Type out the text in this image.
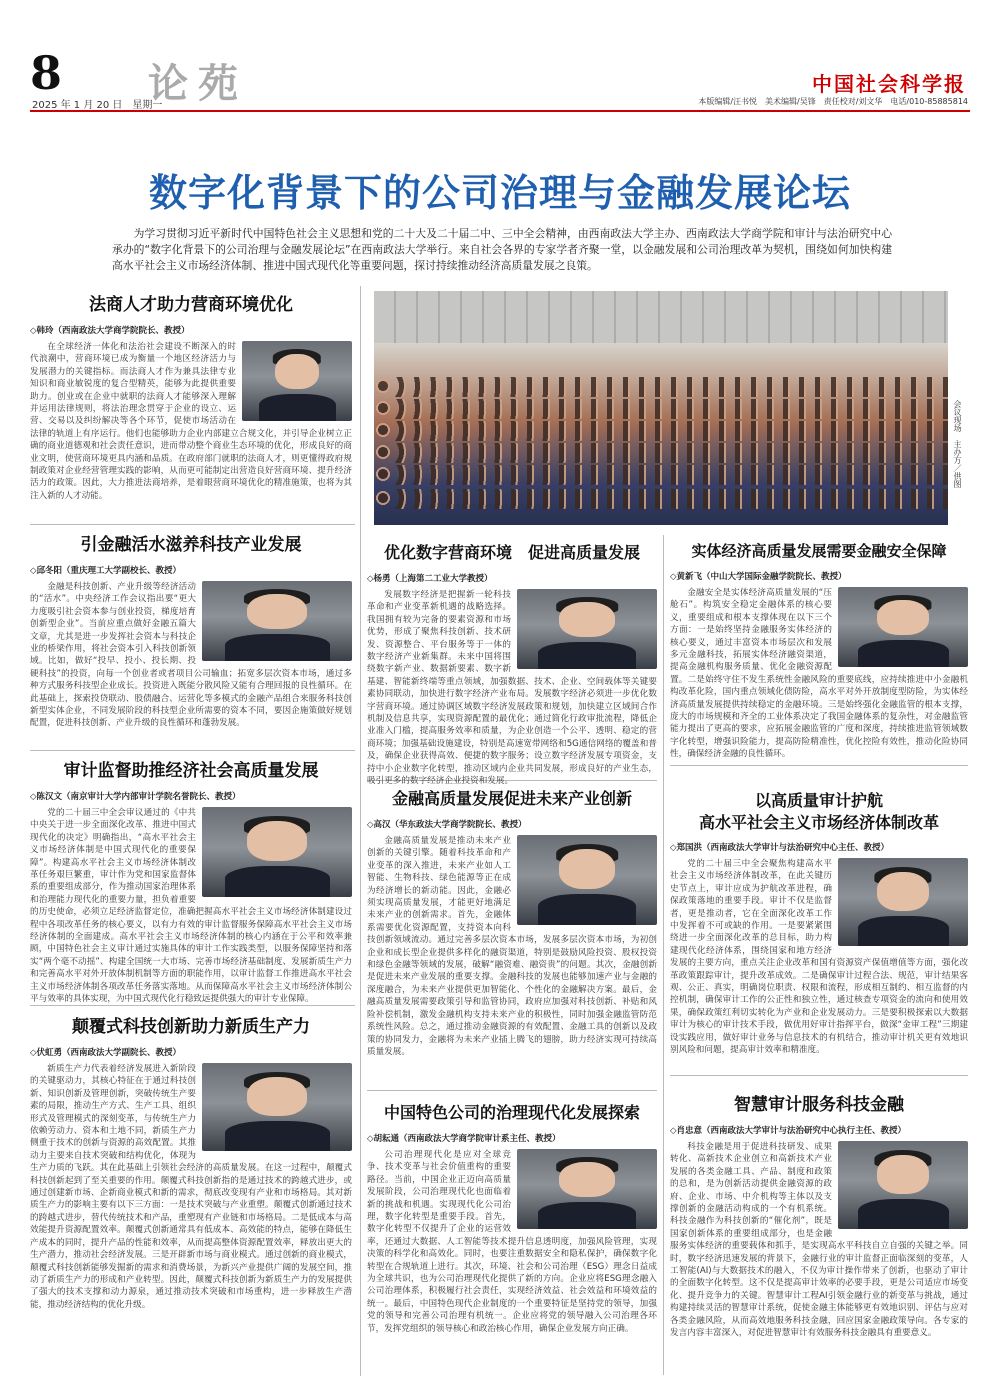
8
2025 年 1 月 20 日　星期一
论苑	中国社会科学报
本版编辑/汪书悦　美术编辑/吴锋　责任校对/刘文华　电话/010-85885814
数字化背景下的公司治理与金融发展论坛

为学习贯彻习近平新时代中国特色社会主义思想和党的二十大及二十届二中、三中全会精神，由西南政法大学主办、西南政法大学商学院和审计与法治研究中心承办的“数字化背景下的公司治理与金融发展论坛”在西南政法大学举行。来自社会各界的专家学者齐聚一堂，以金融发展和公司治理改革为契机，围绕如何加快构建高水平社会主义市场经济体制、推进中国式现代化等重要问题，探讨持续推动经济高质量发展之良策。

会议现场　主办方／供图
法商人才助力营商环境优化
◇韩玲（西南政法大学商学院院长、教授）

在全球经济一体化和法治社会建设不断深入的时代浪潮中，营商环境已成为衡量一个地区经济活力与发展潜力的关键指标。而法商人才作为兼具法律专业知识和商业敏锐度的复合型精英，能够为此提供重要助力。创业或在企业中就职的法商人才能够深入理解并运用法律规则，将法治理念贯穿于企业的设立、运营、交易以及纠纷解决等各个环节，促使市场活动在法律的轨道上有序运行。他们也能够助力企业内部建立合规文化，并引导企业树立正确的商业道德观和社会责任意识，进而带动整个商业生态环境的优化，形成良好的商业文明，使营商环境更具内涵和品质。在政府部门就职的法商人才，则更懂得政府规制政策对企业经营管理实践的影响，从而更可能制定出营造良好营商环境、提升经济活力的政策。因此，大力推进法商培养，是着眼营商环境优化的精准施策，也将为其注入新的人才动能。

引金融活水滋养科技产业发展
◇邱冬阳（重庆理工大学副校长、教授）

金融是科技创新、产业升级等经济活动的“活水”。中央经济工作会议指出要“更大力度吸引社会资本参与创业投资，梯度培育创新型企业”。当前应重点做好金融五篇大文章，尤其是进一步发挥社会资本与科技企业的桥梁作用，将社会资本引入科技创新领域。比如，做好“投早、投小、投长期、投硬科技”的投资，向每一个创业者或者项目公司输血；拓宽多层次资本市场，通过多种方式服务科技型企业成长。投资进入既能分散风险又能有合理回报的良性循环。在此基础上，探索投贷联动、股债融合、运营化等多模式的金融产品组合来服务科技创新型实体企业，不同发展阶段的科技型企业所需要的资本不同，要因企施策做好规划配置，促进科技创新、产业升级的良性循环和蓬勃发展。

审计监督助推经济社会高质量发展
◇陈汉文（南京审计大学内部审计学院名誉院长、教授）

党的二十届三中全会审议通过的《中共中央关于进一步全面深化改革、推进中国式现代化的决定》明确指出，“高水平社会主义市场经济体制是中国式现代化的重要保障”。构建高水平社会主义市场经济体制改革任务艰巨繁重，审计作为党和国家监督体系的重要组成部分，作为推动国家治理体系和治理能力现代化的重要力量，担负着重要的历史使命，必须立足经济监督定位，准确把握高水平社会主义市场经济体制建设过程中各项改革任务的核心要义，以有力有效的审计监督服务保障高水平社会主义市场经济体制的全面建成。高水平社会主义市场经济体制的核心内涵在于公平和效率兼顾，中国特色社会主义审计通过实施具体的审计工作实践类型，以服务保障坚持和落实“两个毫不动摇”、构建全国统一大市场、完善市场经济基础制度、发展新质生产力和完善高水平对外开放体制机制等方面的职能作用，以审计监督工作推进高水平社会主义市场经济体制各项改革任务落实落地。从而保障高水平社会主义市场经济体制公平与效率的具体实现，为中国式现代化行稳致远提供强大的审计专业保障。

颠覆式科技创新助力新质生产力
◇伏虹勇（西南政法大学副院长、教授）

新质生产力代表着经济发展进入新阶段的关键驱动力，其核心特征在于通过科技创新、知识创新及管理创新，突破传统生产要素的局限，推动生产方式、生产工具、组织形式及管理模式的深刻变革，与传统生产力依赖劳动力、资本和土地不同，新质生产力侧重于技术的创新与资源的高效配置。其推动力主要来自技术突破和结构优化，体现为生产力质的飞跃。其在此基础上引领社会经济的高质量发展。在这一过程中，颠覆式科技创新起到了至关重要的作用。颠覆式科技创新指的是通过技术的跨越式进步，或通过创建新市场、企新商业模式和新的需求，彻底改变现有产业和市场格局。其对新质生产力的影响主要有以下三方面：一是技术突破与产业重塑。颠覆式创新通过技术的跨越式进步，替代传统技术和产品，重塑现有产业链和市场格局。二是低成本与高效能提升资源配置效率。颠覆式创新通常具有低成本、高效能的特点，能够在降低生产成本的同时，提升产品的性能和效率，从而提高整体资源配置效率，释放出更大的生产潜力，推动社会经济发展。三是开辟新市场与商业模式。通过创新的商业模式，颠覆式科技创新能够发掘新的需求和消费场景，为新兴产业提供广阔的发展空间，推动了新质生产力的形成和产业转型。因此，颠覆式科技创新为新质生产力的发展提供了强大的技术支撑和动力源泉，通过推动技术突破和市场重构，进一步释放生产潜能，推动经济结构的优化升级。

优化数字营商环境　促进高质量发展
◇杨勇（上海第二工业大学教授）

发展数字经济是把握新一轮科技革命和产业变革新机遇的战略选择。我国拥有较为完备的要素资源和市场优势，形成了聚焦科技创新、技术研发、资源整合、平台服务等于一体的数字经济产业新集群。未来中国将围绕数字新产业、数据新要素、数字新基建、智能新终端等重点领域，加强数据、技术、企业、空间载体等关键要素协同联动，加快进行数字经济产业布局。发展数字经济必须进一步优化数字营商环境。通过协调区域数字经济发展政策和规划，加快建立区域间合作机制及信息共享，实现资源配置的最优化；通过简化行政审批流程，降低企业准入门槛，提高服务效率和质量，为企业创造一个公平、透明、稳定的营商环境；加强基础设施建设，特别是高速宽带网络和5G通信网络的覆盖和普及，确保企业获得高效、便捷的数字服务；设立数字经济发展专项资金，支持中小企业数字化转型，推动区域内企业共同发展，形成良好的产业生态，吸引更多的数字经济企业投资和发展。

金融高质量发展促进未来产业创新
◇高汉（华东政法大学商学院院长、教授）

金融高质量发展是推动未来产业创新的关键引擎。随着科技革命和产业变革的深入推进，未来产业如人工智能、生物科技、绿色能源等正在成为经济增长的新动能。因此，金融必须实现高质量发展，才能更好地满足未来产业的创新需求。首先，金融体系需要优化资源配置，支持资本向科技创新领域流动。通过完善多层次资本市场，发展多层次资本市场，为初创企业和成长型企业提供多样化的融资渠道，特别是鼓励风险投资、股权投资和绿色金融等领域的发展，破解“融资难、融资贵”的问题。其次，金融创新是促进未来产业发展的重要支撑。金融科技的发展也能够加速产业与金融的深度融合，为未来产业提供更加智能化、个性化的金融解决方案。最后，金融高质量发展需要政策引导和监管协同，政府应加强对科技创新、补贴和风险补偿机制，激发金融机构支持未来产业的积极性，同时加强金融监管防范系统性风险。总之，通过推动金融资源的有效配置、金融工具的创新以及政策的协同发力，金融将为未来产业插上腾飞的翅膀，助力经济实现可持续高质量发展。

中国特色公司的治理现代化发展探索
◇胡耘通（西南政法大学商学院审计系主任、教授）

公司治理现代化是应对全球竞争、技术变革与社会价值重构的重要路径。当前，中国企业正迈向高质量发展阶段，公司治理现代化也面临着新的挑战和机遇。实现现代化公司治理，数字化转型是重要手段。首先，数字化转型不仅提升了企业的运营效率，还通过大数据、人工智能等技术提升信息透明度，加强风险管理，实现决策的科学化和高效化。同时，也要注重数据安全和隐私保护，确保数字化转型在合规轨道上进行。其次，环境、社会和公司治理（ESG）理念日益成为全球共识，也为公司治理现代化提供了新的方向。企业应将ESG理念融入公司治理体系，积极履行社会责任，实现经济效益、社会效益和环境效益的统一。最后，中国特色现代企业制度的一个重要特征是坚持党的领导，加强党的领导和完善公司治理有机统一。企业应将党的领导融入公司治理各环节，发挥党组织的领导核心和政治核心作用，确保企业发展方向正确。

实体经济高质量发展需要金融安全保障
◇黄新飞（中山大学国际金融学院院长、教授）

金融安全是实体经济高质量发展的“压舱石”。构筑安全稳定金融体系的核心要义，重要组成和根本支撑体现在以下三个方面：一是始终坚持金融服务实体经济的核心要义，通过丰富资本市场层次和发展多元金融科技，拓展实体经济融资渠道，提高金融机构服务质量、优化金融资源配置。二是始终守住不发生系统性金融风险的重要底线，应持续推进中小金融机构改革化险，国内重点领域化债防险，高水平对外开放制度型防险，为实体经济高质量发展提供持续稳定的金融环境。三是始终强化金融监管的根本支撑，庞大的市场规模和齐全的工业体系决定了我国金融体系的复杂性，对金融监管能力提出了更高的要求，应拓展金融监管的广度和深度，持续推进监管领域数字化转型，增强识险能力，提高防险精准性，优化控险有效性，推动化险协同性，确保经济金融的良性循环。

以高质量审计护航
高水平社会主义市场经济体制改革
◇郑国洪（西南政法大学审计与法治研究中心主任、教授）

党的二十届三中全会聚焦构建高水平社会主义市场经济体制改革，在此关键历史节点上，审计应成为护航改革进程，确保政策落地的重要手段。审计不仅是监督者，更是推动者，它在全面深化改革工作中发挥着不可或缺的作用。一是要紧紧围绕进一步全面深化改革的总目标，助力构建现代化经济体系，围绕国家和地方经济发展的主要方向，重点关注企业改革和国有资源资产保值增值等方面，强化改革政策跟踪审计，提升改革成效。二是确保审计过程合法、规范，审计结果客观、公正、真实，明确岗位职责、权限和流程，形成相互制约、相互监督的内控机制，确保审计工作的公正性和独立性，通过核查专项资金的流向和使用效果，确保政策红利切实转化为产业和企业发展动力。三是要积极探索以大数据审计为核心的审计技术手段，做优用好审计指挥平台，做深“金审工程”三期建设实践应用，做好审计业务与信息技术的有机结合，推动审计机关更有效地识别风险和问题，提高审计效率和精准度。

智慧审计服务科技金融
◇肖忠意（西南政法大学审计与法治研究中心执行主任、教授）

科技金融是用于促进科技研发、成果转化、高新技术企业创立和高新技术产业发展的各类金融工具、产品、制度和政策的总和，是为创新活动提供金融资源的政府、企业、市场、中介机构等主体以及支撑创新的金融活动构成的一个有机系统。科技金融作为科技创新的“催化剂”，既是国家创新体系的重要组成部分，也是金融服务实体经济的重要载体和抓手，是实现高水平科技自立自强的关键之举。同时，数字经济迅速发展的背景下，金融行业的审计监督正面临深刻的变革，人工智能(AI)与大数据技术的融入，不仅为审计操作带来了创新，也驱动了审计的全面数字化转型。这不仅是提高审计效率的必要手段，更是公司适应市场变化、提升竞争力的关键。智慧审计工程AI引领金融行业的新变革与挑战，通过构建持续灵活的智慧审计系统，促使金融主体能够更有效地识别、评估与应对各类金融风险，从而高效地服务科技金融，回应国家金融政策导向。各专家的发言内容丰富深入，对促进智慧审计有效服务科技金融具有重要意义。
